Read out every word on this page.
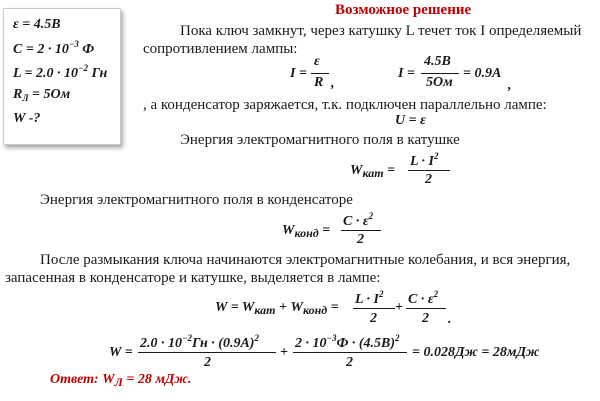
ε = 4.5В
$C = 2 \cdot 10^{-3}$ Ф
$L = 2.0 \cdot 10^{-2}$ Гн
$R_Л = 5Ом$
W -?
Возможное решение
Пока ключ замкнут, через катушку L течет ток I определяемый
сопротивлением лампы:
I =
ε
R ,
I =
4.5В
5Ом
= 0.9А
,
, а конденсатор заряжается, т.к. подключен параллельно лампе:
U = ε
Энергия электромагнитного поля в катушке
$W_{кат}$ =
$L \cdot I^2$
2
Энергия электромагнитного поля в конденсаторе
$W_{конд}$ =
$C \cdot \varepsilon^2$
2
После размыкания ключа начинаются электромагнитные колебания, и вся энергия,
запасенная в конденсаторе и катушке, выделяется в лампе:
$W = W_{кат} + W_{конд}$ =
$L \cdot I^2$
2
+
$C \cdot \varepsilon^2$
2 .
W =
$2.0 \cdot 10^{-2}Гн \cdot (0.9А)^2$
2
+
$2 \cdot 10^{-3}Ф \cdot (4.5В)^2$
2
= 0.028Дж = 28мДж
Ответ: $W_Л = 28$ мДж.
